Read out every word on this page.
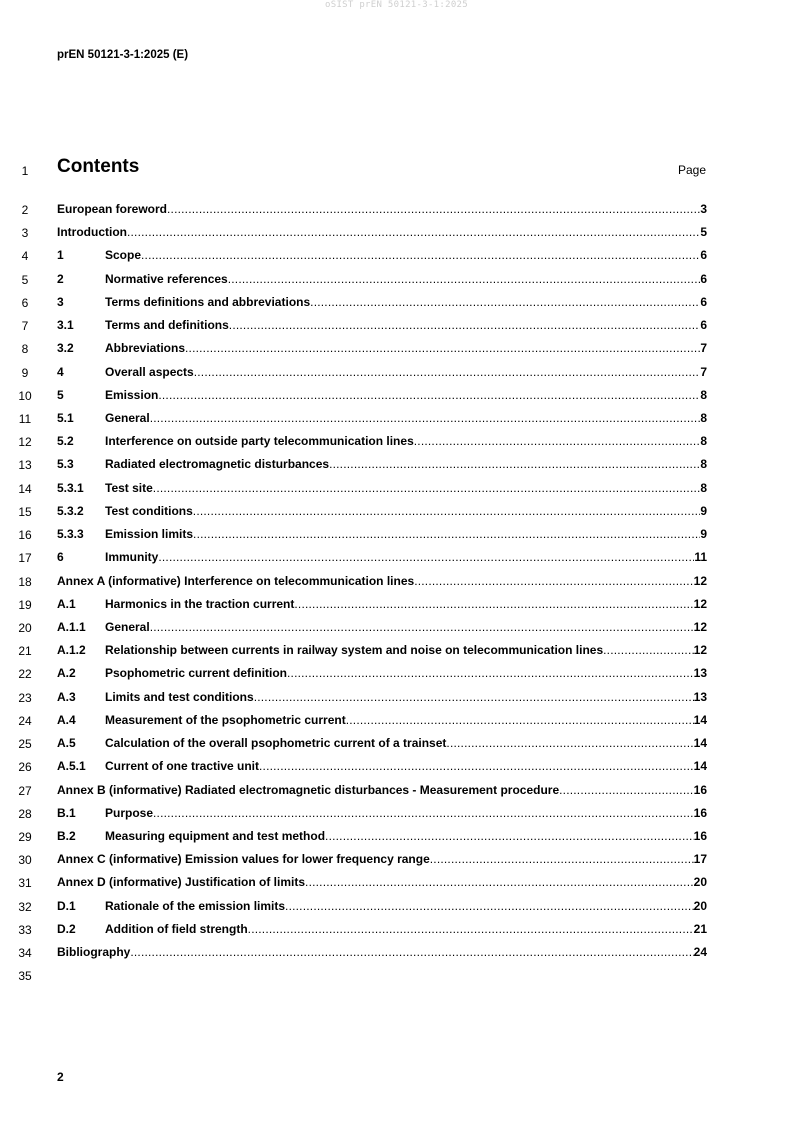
oSIST prEN 50121-3-1:2025
prEN 50121-3-1:2025 (E)
1	Contents	Page
2	European foreword .....	3
3	Introduction .....	5
4	1	Scope .....	6
5	2	Normative references .....	6
6	3	Terms definitions and abbreviations .....	6
7	3.1	Terms and definitions .....	6
8	3.2	Abbreviations .....	7
9	4	Overall aspects .....	7
10	5	Emission .....	8
11	5.1	General .....	8
12	5.2	Interference on outside party telecommunication lines .....	8
13	5.3	Radiated electromagnetic disturbances .....	8
14	5.3.1	Test site .....	8
15	5.3.2	Test conditions .....	9
16	5.3.3	Emission limits .....	9
17	6	Immunity .....	11
18	Annex A (informative) Interference on telecommunication lines .....	12
19	A.1	Harmonics in the traction current .....	12
20	A.1.1	General .....	12
21	A.1.2	Relationship between currents in railway system and noise on telecommunication lines .....	12
22	A.2	Psophometric current definition .....	13
23	A.3	Limits and test conditions .....	13
24	A.4	Measurement of the psophometric current .....	14
25	A.5	Calculation of the overall psophometric current of a trainset .....	14
26	A.5.1	Current of one tractive unit .....	14
27	Annex B (informative) Radiated electromagnetic disturbances - Measurement procedure .....	16
28	B.1	Purpose .....	16
29	B.2	Measuring equipment and test method .....	16
30	Annex C (informative) Emission values for lower frequency range .....	17
31	Annex D (informative) Justification of limits .....	20
32	D.1	Rationale of the emission limits .....	20
33	D.2	Addition of field strength .....	21
34	Bibliography .....	24
35
2
